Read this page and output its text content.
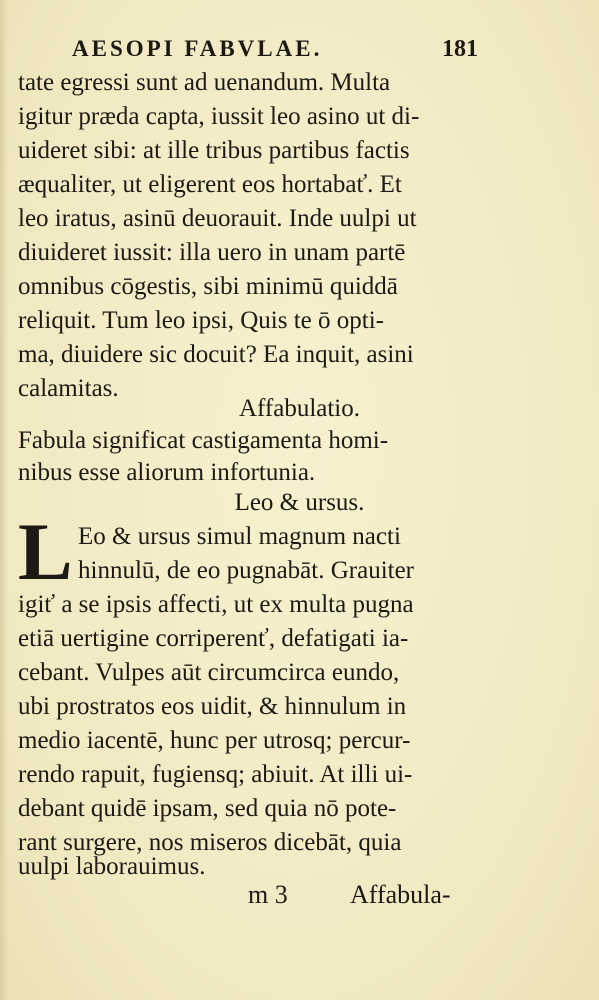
AESOPI FABVLAE.	181
tate egressi sunt ad uenandum. Multa
igitur præda capta, iussit leo asino ut di-
uideret sibi: at ille tribus partibus factis
æqualiter, ut eligerent eos hortabať. Et
leo iratus, asinū deuorauit. Inde uulpi ut
diuideret iussit: illa uero in unam partē
omnibus cōgestis, sibi minimū quiddā
reliquit. Tum leo ipsi, Quis te ō opti-
ma, diuidere sic docuit? Ea inquit, asini
calamitas.
Affabulatio.
Fabula significat castigamenta homi-
nibus esse aliorum infortunia.
Leo & ursus.
L Eo & ursus simul magnum nacti
hinnulū, de eo pugnabāt. Grauiter
igiť a se ipsis affecti, ut ex multa pugna
etiā uertigine corriperenť, defatigati ia-
cebant. Vulpes aūt circumcirca eundo,
ubi prostratos eos uidit, & hinnulum in
medio iacentē, hunc per utrosq; percur-
rendo rapuit, fugiensq; abiuit. At illi ui-
debant quidē ipsam, sed quia nō pote-
rant surgere, nos miseros dicebāt, quia
uulpi laborauimus.
m 3	Affabula-
